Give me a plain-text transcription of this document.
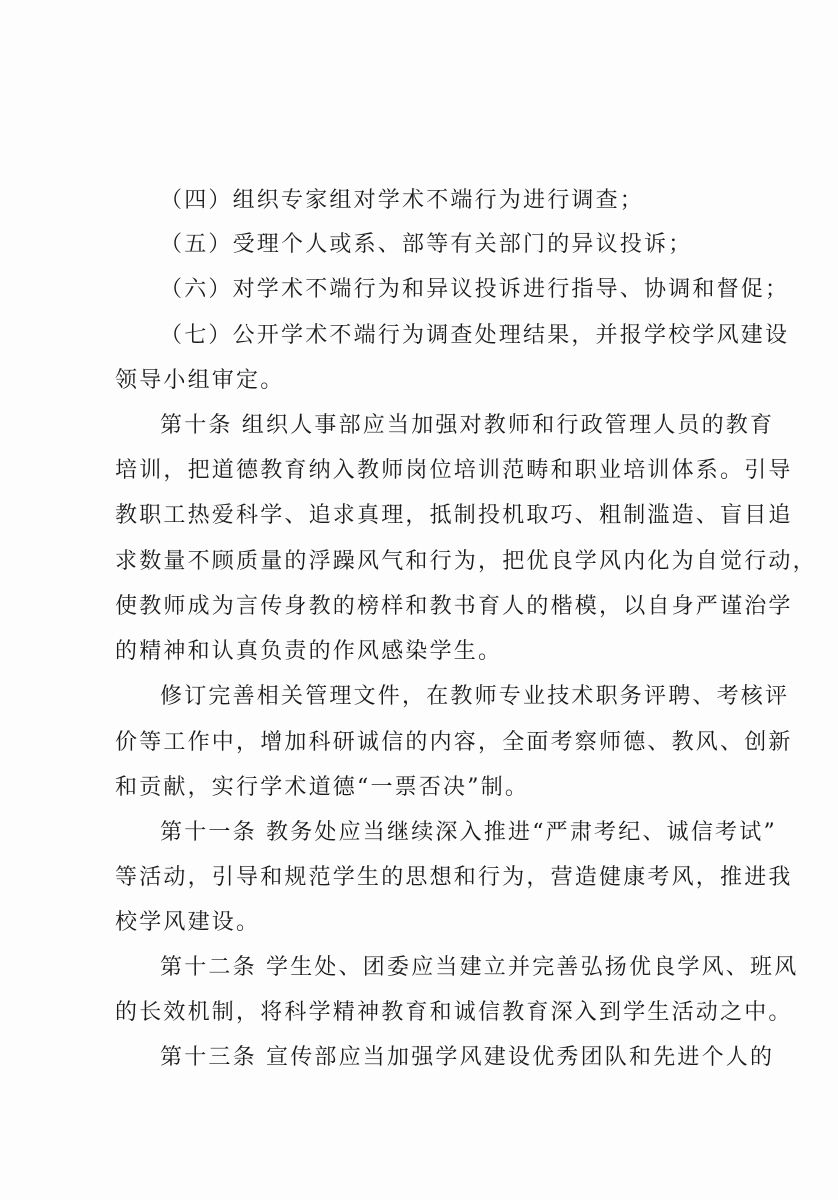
（四）组织专家组对学术不端行为进行调查；
（五）受理个人或系、部等有关部门的异议投诉；
（六）对学术不端行为和异议投诉进行指导、协调和督促；
（七）公开学术不端行为调查处理结果，并报学校学风建设
领导小组审定。
第十条 组织人事部应当加强对教师和行政管理人员的教育
培训，把道德教育纳入教师岗位培训范畴和职业培训体系。引导
教职工热爱科学、追求真理，抵制投机取巧、粗制滥造、盲目追
求数量不顾质量的浮躁风气和行为，把优良学风内化为自觉行动，
使教师成为言传身教的榜样和教书育人的楷模，以自身严谨治学
的精神和认真负责的作风感染学生。
修订完善相关管理文件，在教师专业技术职务评聘、考核评
价等工作中，增加科研诚信的内容，全面考察师德、教风、创新
和贡献，实行学术道德“一票否决”制。
第十一条 教务处应当继续深入推进“严肃考纪、诚信考试”
等活动，引导和规范学生的思想和行为，营造健康考风，推进我
校学风建设。
第十二条 学生处、团委应当建立并完善弘扬优良学风、班风
的长效机制，将科学精神教育和诚信教育深入到学生活动之中。
第十三条 宣传部应当加强学风建设优秀团队和先进个人的
